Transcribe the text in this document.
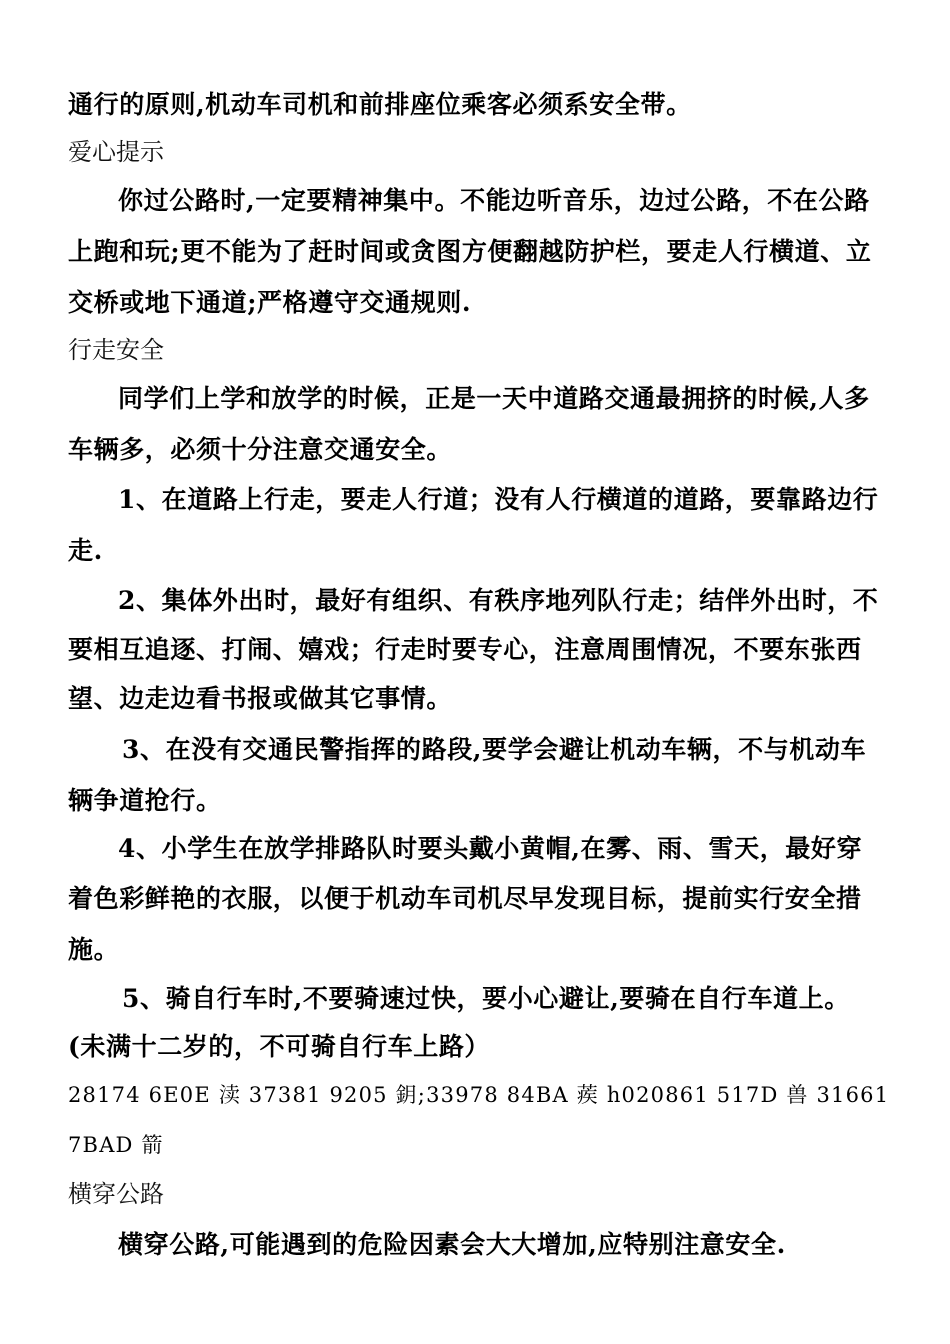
通行的原则,机动车司机和前排座位乘客必须系安全带。
爱心提示
你过公路时,一定要精神集中。不能边听音乐，边过公路，不在公路
上跑和玩;更不能为了赶时间或贪图方便翻越防护栏，要走人行横道、立
交桥或地下通道;严格遵守交通规则.
行走安全
同学们上学和放学的时候，正是一天中道路交通最拥挤的时候,人多
车辆多，必须十分注意交通安全。
1、在道路上行走，要走人行道；没有人行横道的道路，要靠路边行
走.
2、集体外出时，最好有组织、有秩序地列队行走；结伴外出时，不
要相互追逐、打闹、嬉戏；行走时要专心，注意周围情况，不要东张西
望、边走边看书报或做其它事情。
3、在没有交通民警指挥的路段,要学会避让机动车辆，不与机动车
辆争道抢行。
4、小学生在放学排路队时要头戴小黄帽,在雾、雨、雪天，最好穿
着色彩鲜艳的衣服，以便于机动车司机尽早发现目标，提前实行安全措
施。
5、骑自行车时,不要骑速过快，要小心避让,要骑在自行车道上。
(未满十二岁的，不可骑自行车上路）
28174 6E0E 渎 37381 9205 鈅;33978 84BA 蒺 h020861 517D 兽 31661
7BAD 箭
横穿公路
横穿公路,可能遇到的危险因素会大大增加,应特别注意安全.
